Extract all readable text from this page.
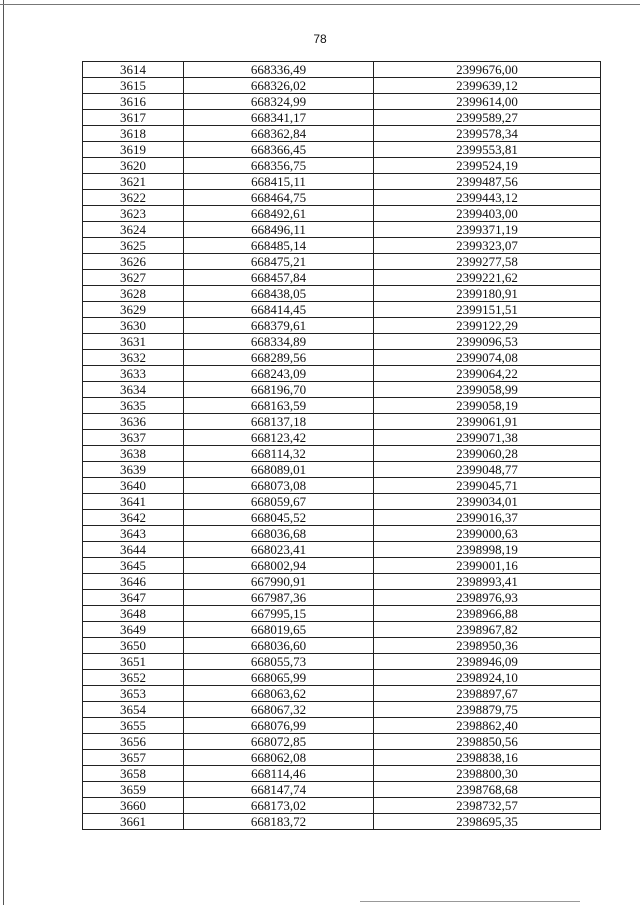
78
3614	668336,49	2399676,00
3615	668326,02	2399639,12
3616	668324,99	2399614,00
3617	668341,17	2399589,27
3618	668362,84	2399578,34
3619	668366,45	2399553,81
3620	668356,75	2399524,19
3621	668415,11	2399487,56
3622	668464,75	2399443,12
3623	668492,61	2399403,00
3624	668496,11	2399371,19
3625	668485,14	2399323,07
3626	668475,21	2399277,58
3627	668457,84	2399221,62
3628	668438,05	2399180,91
3629	668414,45	2399151,51
3630	668379,61	2399122,29
3631	668334,89	2399096,53
3632	668289,56	2399074,08
3633	668243,09	2399064,22
3634	668196,70	2399058,99
3635	668163,59	2399058,19
3636	668137,18	2399061,91
3637	668123,42	2399071,38
3638	668114,32	2399060,28
3639	668089,01	2399048,77
3640	668073,08	2399045,71
3641	668059,67	2399034,01
3642	668045,52	2399016,37
3643	668036,68	2399000,63
3644	668023,41	2398998,19
3645	668002,94	2399001,16
3646	667990,91	2398993,41
3647	667987,36	2398976,93
3648	667995,15	2398966,88
3649	668019,65	2398967,82
3650	668036,60	2398950,36
3651	668055,73	2398946,09
3652	668065,99	2398924,10
3653	668063,62	2398897,67
3654	668067,32	2398879,75
3655	668076,99	2398862,40
3656	668072,85	2398850,56
3657	668062,08	2398838,16
3658	668114,46	2398800,30
3659	668147,74	2398768,68
3660	668173,02	2398732,57
3661	668183,72	2398695,35
